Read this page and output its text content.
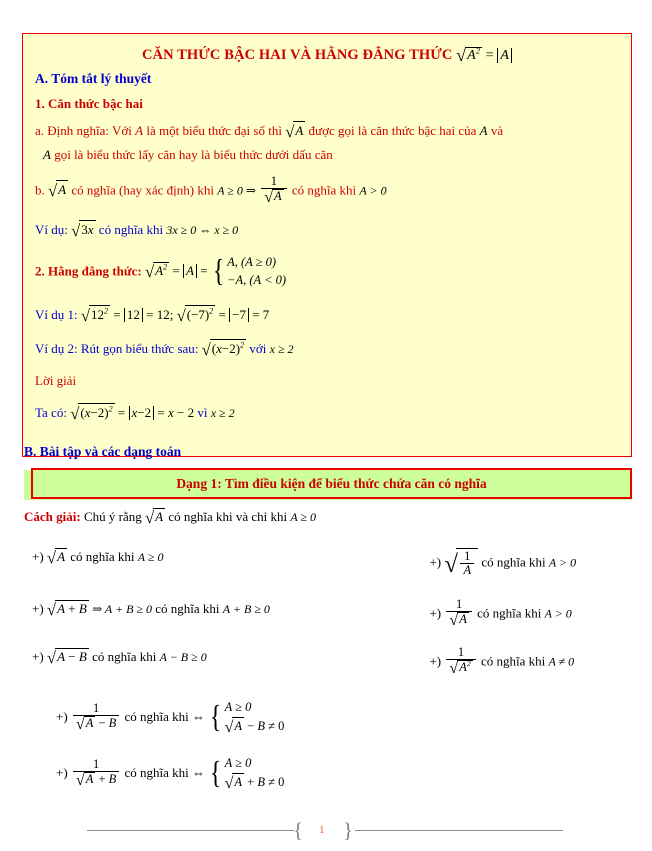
CĂN THỨC BẬC HAI VÀ HẰNG ĐẲNG THỨC $√A^2 = A$
A. Tóm tắt lý thuyết
1. Căn thức bậc hai
a. Định nghĩa: Với A là một biểu thức đại số thì √A được gọi là căn thức bậc hai của A và
A gọi là biểu thức lấy căn hay là biểu thức dưới dấu căn
b. √A có nghĩa (hay xác định) khi A ≥ 0 ⇒ $\frac{1}{√A}$ có nghĩa khi A > 0
Ví dụ: √3x có nghĩa khi 3x ≥ 0 ⇔ x ≥ 0
2. Hằng đẳng thức: $√A^2 = A$ = { A, (A ≥ 0)
−A, (A < 0)
Ví dụ 1: $√12^2 = 12 = 12$; $√(-7)^2 = -7 = 7$
Ví dụ 2: Rút gọn biểu thức sau: $√(x-2)^2$ với x ≥ 2
Lời giải
Ta có: $√(x-2)^2 = x-2 = x - 2$ vì x ≥ 2
B. Bài tập và các dạng toán
Dạng 1: Tìm điều kiện để biểu thức chứa căn có nghĩa
Cách giải: Chú ý rằng √A có nghĩa khi và chỉ khi A ≥ 0
+) √A có nghĩa khi A ≥ 0	+) √ $\frac{1}{A}$ có nghĩa khi A > 0
+) √A + B ⇒ A + B ≥ 0 có nghĩa khi A + B ≥ 0	+) $\frac{1}{√A}$ có nghĩa khi A > 0
+) √A − B có nghĩa khi A − B ≥ 0	+) $\frac{1}{√A^2}$ có nghĩa khi A ≠ 0
+) $\frac{1}{√A - B}$ có nghĩa khi ⇔ { A ≥ 0
√A − B ≠ 0
+) $\frac{1}{√A + B}$ có nghĩa khi ⇔ { A ≥ 0
√A + B ≠ 0
{ 1 }
